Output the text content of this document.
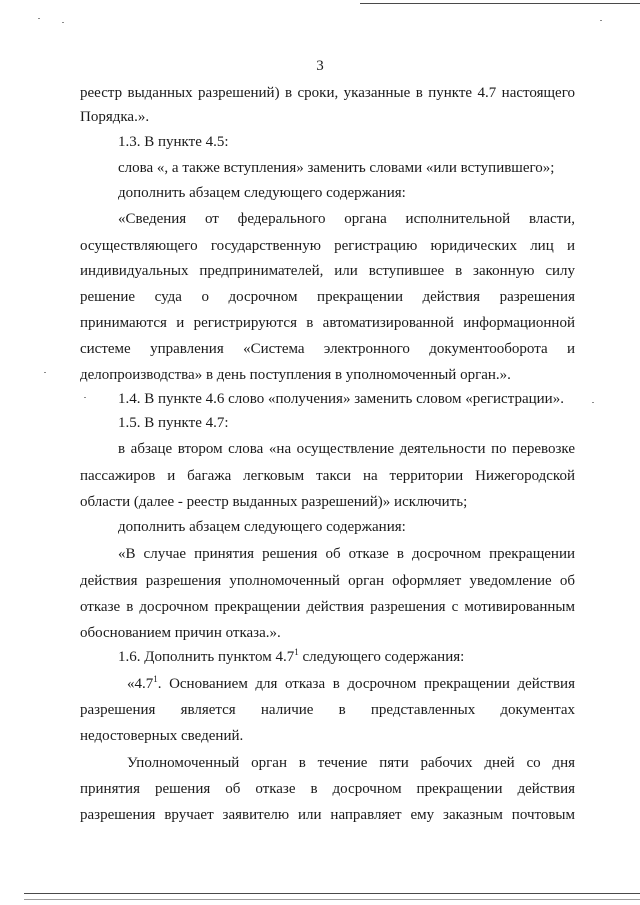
3
реестр выданных разрешений) в сроки, указанные в пункте 4.7 настоящего
Порядка.».
1.3. В пункте 4.5:
слова «, а также вступления» заменить словами «или вступившего»;
дополнить абзацем следующего содержания:
«Сведения от федерального органа исполнительной власти,
осуществляющего государственную регистрацию юридических лиц и
индивидуальных предпринимателей, или вступившее в законную силу
решение суда о досрочном прекращении действия разрешения
принимаются и регистрируются в автоматизированной информационной
системе управления «Система электронного документооборота и
делопроизводства» в день поступления в уполномоченный орган.».
1.4. В пункте 4.6 слово «получения» заменить словом «регистрации».
1.5. В пункте 4.7:
в абзаце втором слова «на осуществление деятельности по перевозке
пассажиров и багажа легковым такси на территории Нижегородской
области (далее - реестр выданных разрешений)» исключить;
дополнить абзацем следующего содержания:
«В случае принятия решения об отказе в досрочном прекращении
действия разрешения уполномоченный орган оформляет уведомление об
отказе в досрочном прекращении действия разрешения с мотивированным
обоснованием причин отказа.».
1.6. Дополнить пунктом $4.7^1$ следующего содержания:
«$4.7^1$. Основанием для отказа в досрочном прекращении действия
разрешения является наличие в представленных документах
недостоверных сведений.
Уполномоченный орган в течение пяти рабочих дней со дня
принятия решения об отказе в досрочном прекращении действия
разрешения вручает заявителю или направляет ему заказным почтовым
